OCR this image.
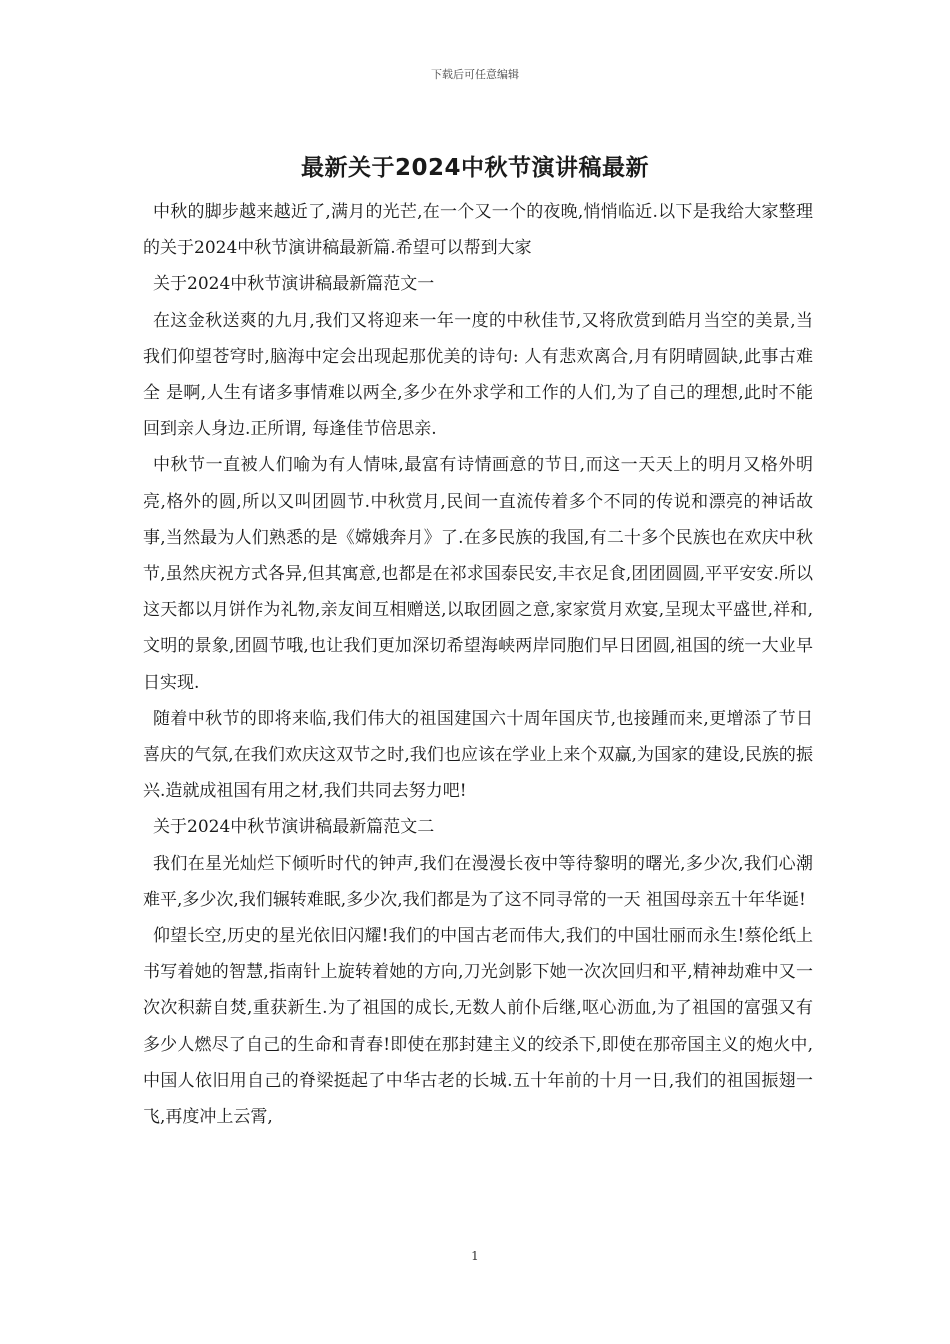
下载后可任意编辑
最新关于2024中秋节演讲稿最新

中秋的脚步越来越近了,满月的光芒,在一个又一个的夜晚,悄悄临近.以下是我给大家整理的关于2024中秋节演讲稿最新篇.希望可以帮到大家

关于2024中秋节演讲稿最新篇范文一

在这金秋送爽的九月,我们又将迎来一年一度的中秋佳节,又将欣赏到皓月当空的美景,当我们仰望苍穹时,脑海中定会出现起那优美的诗句: 人有悲欢离合,月有阴晴圆缺,此事古难全 是啊,人生有诸多事情难以两全,多少在外求学和工作的人们,为了自己的理想,此时不能回到亲人身边.正所谓, 每逢佳节倍思亲.

中秋节一直被人们喻为有人情味,最富有诗情画意的节日,而这一天天上的明月又格外明亮,格外的圆,所以又叫团圆节.中秋赏月,民间一直流传着多个不同的传说和漂亮的神话故事,当然最为人们熟悉的是《嫦娥奔月》了.在多民族的我国,有二十多个民族也在欢庆中秋节,虽然庆祝方式各异,但其寓意,也都是在祁求国泰民安,丰衣足食,团团圆圆,平平安安.所以这天都以月饼作为礼物,亲友间互相赠送,以取团圆之意,家家赏月欢宴,呈现太平盛世,祥和,文明的景象,团圆节哦,也让我们更加深切希望海峡两岸同胞们早日团圆,祖国的统一大业早日实现.

随着中秋节的即将来临,我们伟大的祖国建国六十周年国庆节,也接踵而来,更增添了节日喜庆的气氛,在我们欢庆这双节之时,我们也应该在学业上来个双赢,为国家的建设,民族的振兴.造就成祖国有用之材,我们共同去努力吧!

关于2024中秋节演讲稿最新篇范文二

我们在星光灿烂下倾听时代的钟声,我们在漫漫长夜中等待黎明的曙光,多少次,我们心潮难平,多少次,我们辗转难眠,多少次,我们都是为了这不同寻常的一天 祖国母亲五十年华诞!

仰望长空,历史的星光依旧闪耀!我们的中国古老而伟大,我们的中国壮丽而永生!蔡伦纸上书写着她的智慧,指南针上旋转着她的方向,刀光剑影下她一次次回归和平,精神劫难中又一次次积薪自焚,重获新生.为了祖国的成长,无数人前仆后继,呕心沥血,为了祖国的富强又有多少人燃尽了自己的生命和青春!即使在那封建主义的绞杀下,即使在那帝国主义的炮火中,中国人依旧用自己的脊梁挺起了中华古老的长城.五十年前的十月一日,我们的祖国振翅一飞,再度冲上云霄,

1
